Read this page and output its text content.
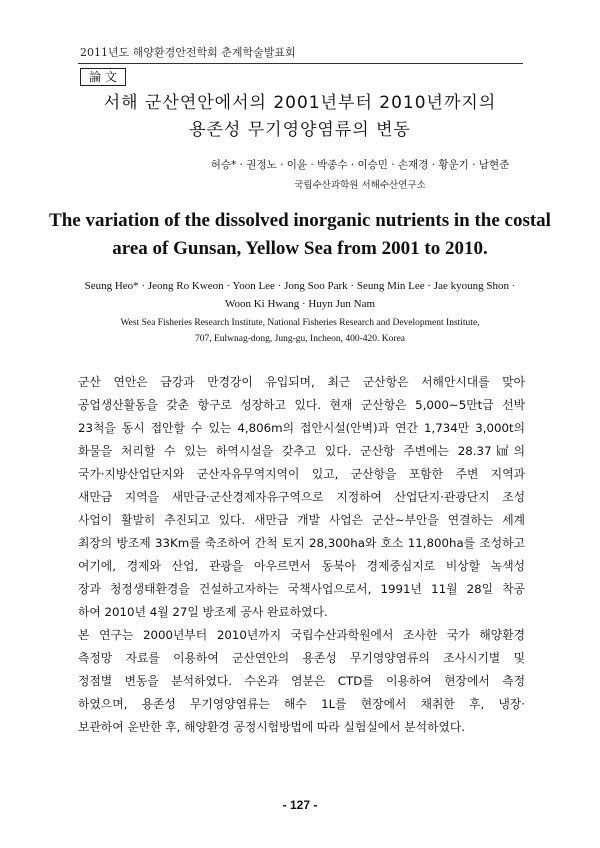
2011년도 해양환경안전학회 춘계학술발표회
論 文
서해 군산연안에서의 2001년부터 2010년까지의
용존성 무기영양염류의 변동
허승* · 권정노 · 이윤 · 박종수 · 이승민 · 손재경 · 황운기 · 남현준
국립수산과학원 서해수산연구소
The variation of the dissolved inorganic nutrients in the costal
area of Gunsan, Yellow Sea from 2001 to 2010.
Seung Heo* · Jeong Ro Kweon · Yoon Lee · Jong Soo Park · Seung Min Lee · Jae kyoung Shon ·
Woon Ki Hwang · Huyn Jun Nam
West Sea Fisheries Research Institute, National Fisheries Research and Development Institute,
707, Eulwnag-dong, Jung-gu, Incheon, 400-420. Korea
군산 연안은 금강과 만경강이 유입되며, 최근 군산항은 서해안시대를 맞아
공업생산활동을 갖춘 항구로 성장하고 있다. 현재 군산항은 5,000~5만t급 선박
23척을 동시 접안할 수 있는 4,806m의 접안시설(안벽)과 연간 1,734만 3,000t의
화물을 처리할 수 있는 하역시설을 갖추고 있다. 군산항 주변에는 28.37㎢의
국가·지방산업단지와 군산자유무역지역이 있고, 군산항을 포함한 주변 지역과
새만금 지역을 새만금·군산경제자유구역으로 지정하여 산업단지·관광단지 조성
사업이 활발히 추진되고 있다. 새만금 개발 사업은 군산~부안을 연결하는 세계
최장의 방조제 33Km를 축조하여 간척 토지 28,300ha와 호소 11,800ha를 조성하고
여기에, 경제와 산업, 관광을 아우르면서 동북아 경제중심지로 비상할 녹색성
장과 청정생태환경을 건설하고자하는 국책사업으로서, 1991년 11월 28일 착공
하여 2010년 4월 27일 방조제 공사 완료하였다.
본 연구는 2000년부터 2010년까지 국립수산과학원에서 조사한 국가 해양환경
측정망 자료를 이용하여 군산연안의 용존성 무기영양염류의 조사시기별 및
정점별 변동을 분석하였다. 수온과 염분은 CTD를 이용하여 현장에서 측정
하였으며, 용존성 무기영양염류는 해수 1L를 현장에서 채취한 후, 냉장·
보관하여 운반한 후, 해양환경 공정시험방법에 따라 실험실에서 분석하였다.
- 127 -
